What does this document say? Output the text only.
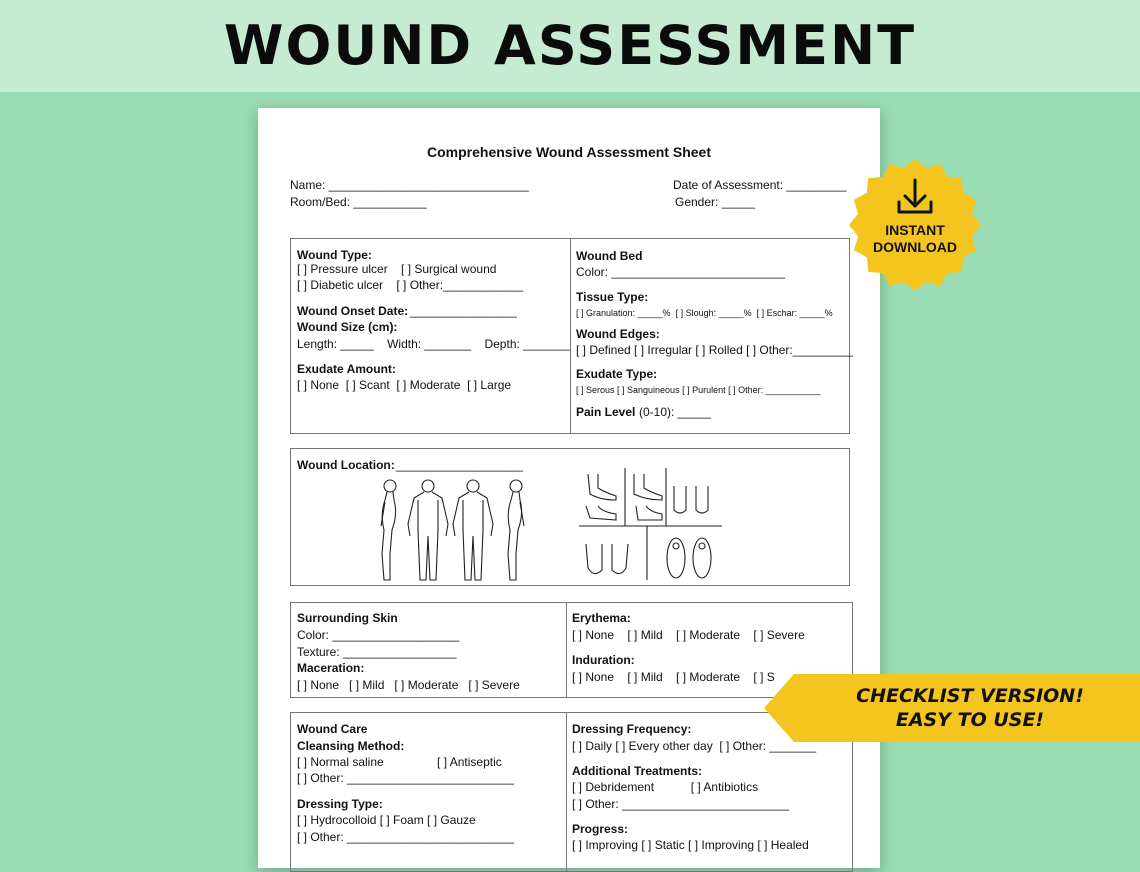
WOUND ASSESSMENT
Comprehensive Wound Assessment Sheet
Name: ______________________________
Room/Bed: ___________
Date of Assessment: _________
Gender: _____
Wound Type:
[ ] Pressure ulcer    [ ] Surgical wound
[ ] Diabetic ulcer    [ ] Other:____________
Wound Onset Date: ________________
Wound Size (cm):
Length: _____    Width: _______    Depth: _______
Exudate Amount:
[ ] None  [ ] Scant  [ ] Moderate  [ ] Large
Wound Bed
Color: __________________________
Tissue Type:
[ ] Granulation: _____%  [ ] Slough: _____%  [ ] Eschar: _____%
Wound Edges:
[ ] Defined [ ] Irregular [ ] Rolled [ ] Other:_________
Exudate Type:
[ ] Serous [ ] Sanguineous [ ] Purulent [ ] Other: ___________
Pain Level (0-10): _____
Wound Location: ___________________
Surrounding Skin
Color: ___________________
Texture: _________________
Maceration:
[ ] None   [ ] Mild   [ ] Moderate   [ ] Severe
Erythema:
[ ] None    [ ] Mild    [ ] Moderate    [ ] Severe
Induration:
[ ] None    [ ] Mild    [ ] Moderate    [ ] S
Wound Care
Cleansing Method:
[ ] Normal saline                [ ] Antiseptic
[ ] Other: _________________________
Dressing Type:
[ ] Hydrocolloid [ ] Foam [ ] Gauze
[ ] Other: _________________________
Dressing Frequency:
[ ] Daily [ ] Every other day  [ ] Other: _______
Additional Treatments:
[ ] Debridement           [ ] Antibiotics
[ ] Other: _________________________
Progress:
[ ] Improving [ ] Static [ ] Improving [ ] Healed
INSTANT
DOWNLOAD
CHECKLIST VERSION!
EASY TO USE!
